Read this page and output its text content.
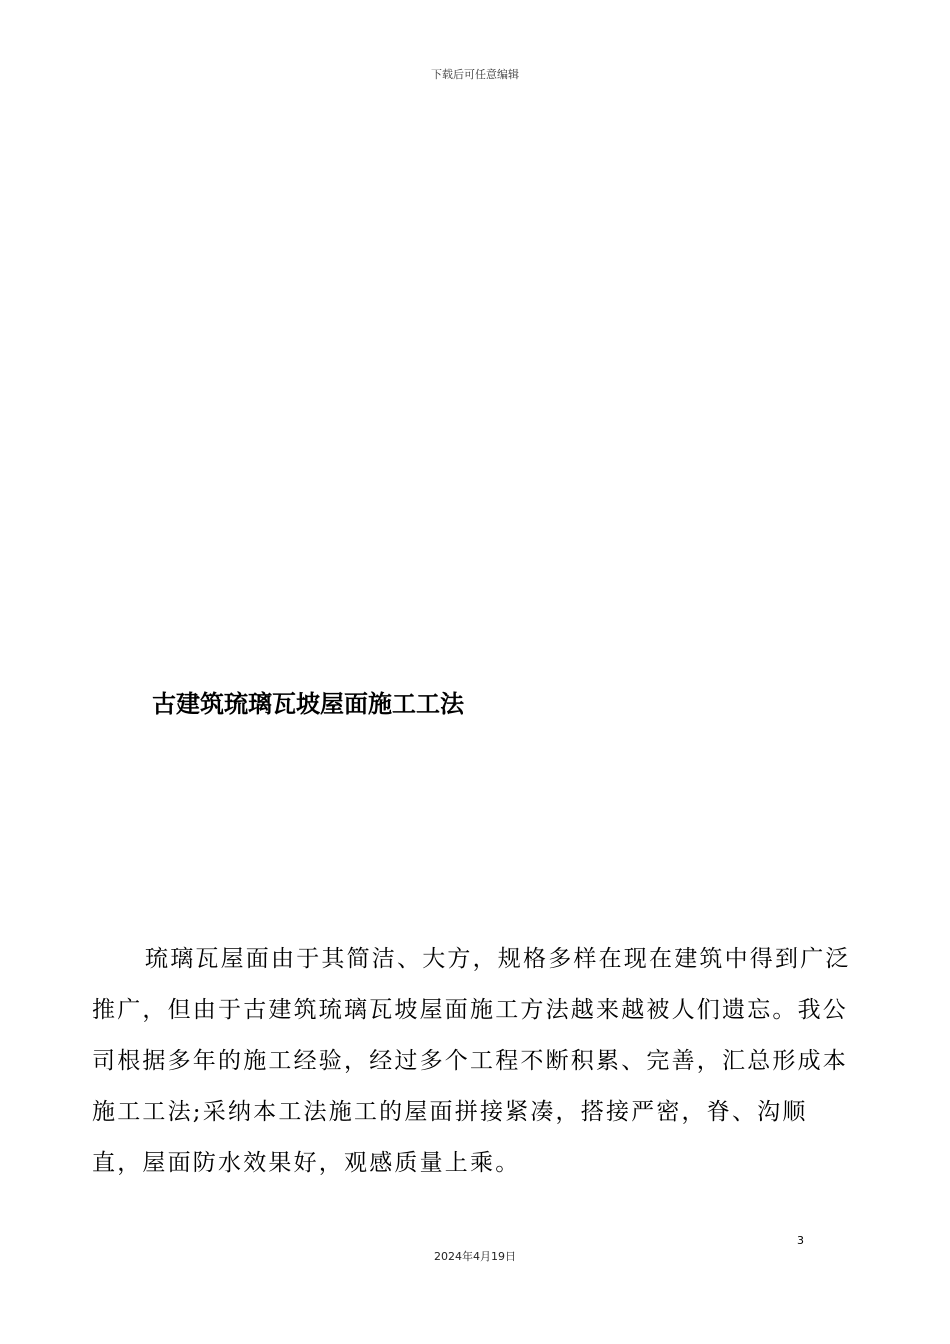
下载后可任意编辑
古建筑琉璃瓦坡屋面施工工法

琉璃瓦屋面由于其简洁、大方，规格多样在现在建筑中得到广泛推广，但由于古建筑琉璃瓦坡屋面施工方法越来越被人们遗忘。我公司根据多年的施工经验，经过多个工程不断积累、完善，汇总形成本施工工法;采纳本工法施工的屋面拼接紧凑，搭接严密，脊、沟顺直，屋面防水效果好，观感质量上乘。

3
2024年4月19日
